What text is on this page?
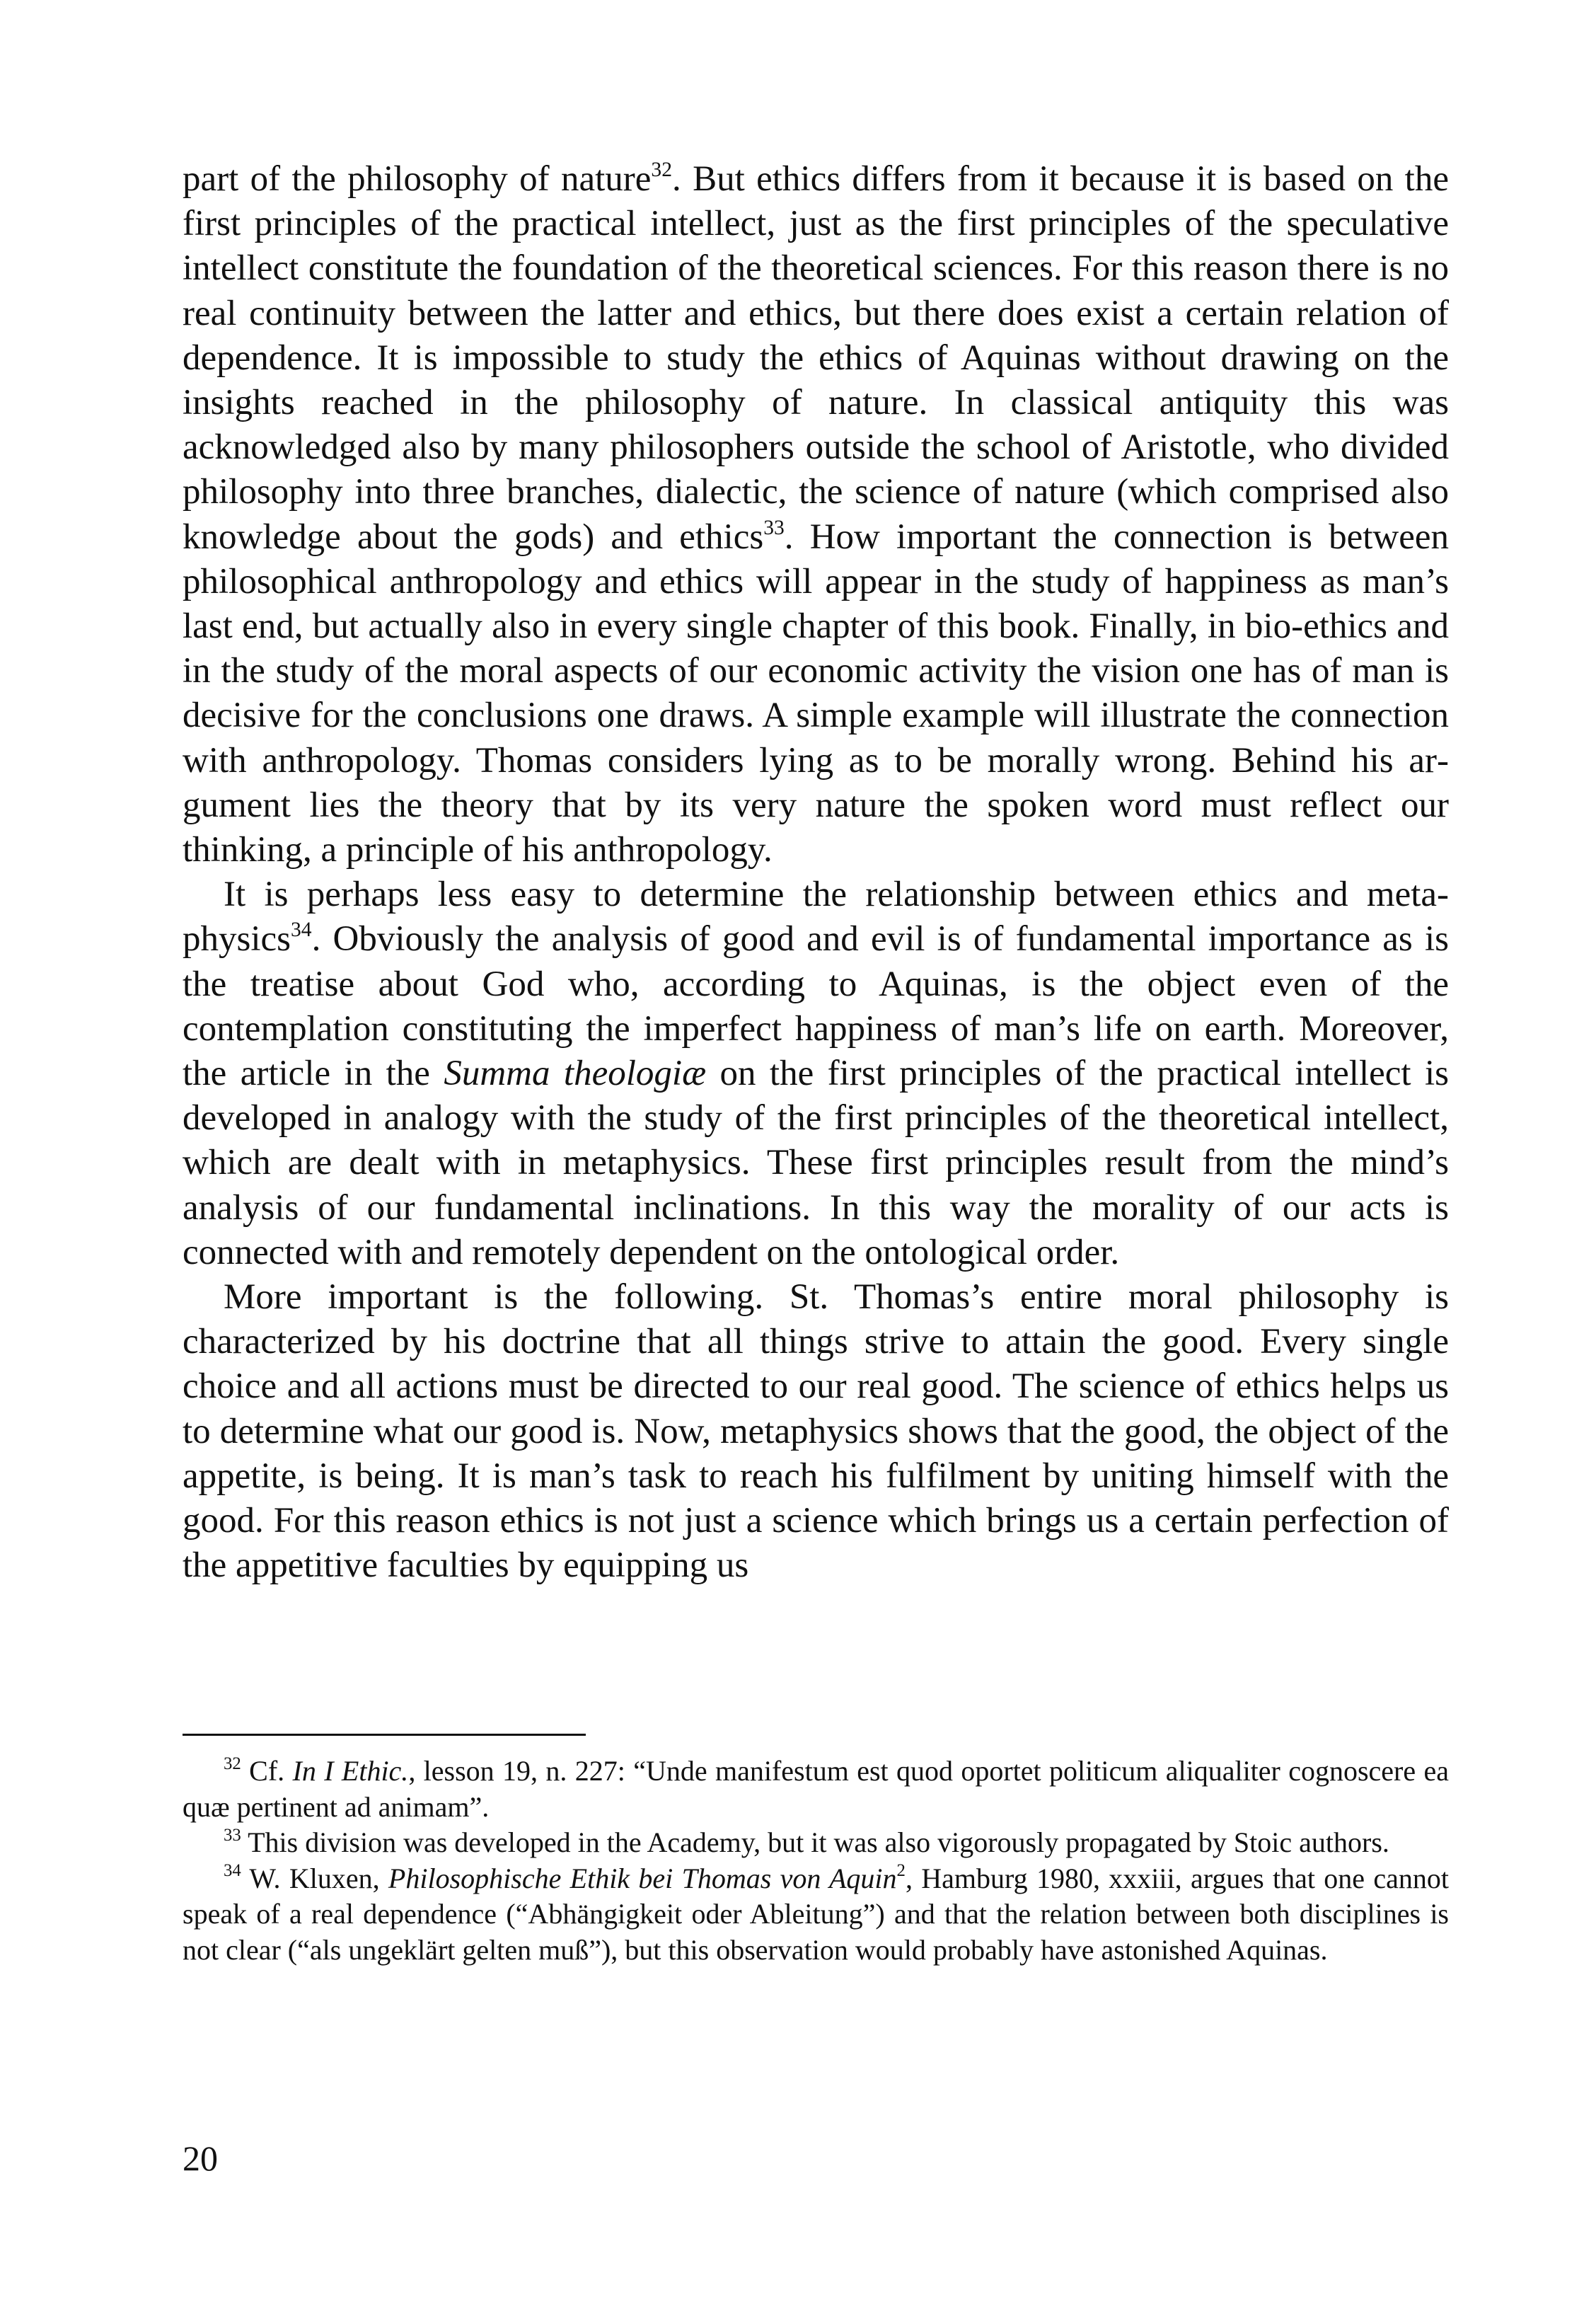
part of the philosophy of nature$^{32}$. But ethics differs from it because it is based on the first principles of the practical intellect, just as the first principles of the speculative intellect constitute the foundation of the theoretical sciences. For this reason there is no real continuity between the latter and ethics, but there does exist a certain relation of dependence. It is impossible to study the ethics of Aquinas without drawing on the insights reached in the philosophy of nature. In classical antiquity this was acknowledged also by many philosophers outside the school of Aristotle, who divided philosophy into three branches, dialectic, the science of nature (which comprised also knowledge about the gods) and ethics$^{33}$. How important the connection is between philosophical anthropology and ethics will appear in the study of happiness as man’s last end, but actually also in every single chapter of this book. Finally, in bio-ethics and in the study of the moral aspects of our economic activity the vision one has of man is decisive for the conclusions one draws. A simple example will illustrate the connection with anthropology. Thomas considers lying as to be morally wrong. Behind his argument lies the theory that by its very nature the spoken word must reflect our thinking, a principle of his anthropology.

It is perhaps less easy to determine the relationship between ethics and metaphysics$^{34}$. Obviously the analysis of good and evil is of fundamental importance as is the treatise about God who, according to Aquinas, is the object even of the contemplation constituting the imperfect happiness of man’s life on earth. Moreover, the article in the Summa theologiæ on the first principles of the practical intellect is developed in analogy with the study of the first principles of the theoretical intellect, which are dealt with in metaphysics. These first principles result from the mind’s analysis of our fundamental inclinations. In this way the morality of our acts is connected with and remotely dependent on the ontological order.

More important is the following. St. Thomas’s entire moral philosophy is characterized by his doctrine that all things strive to attain the good. Every single choice and all actions must be directed to our real good. The science of ethics helps us to determine what our good is. Now, metaphysics shows that the good, the object of the appetite, is being. It is man’s task to reach his fulfilment by uniting himself with the good. For this reason ethics is not just a science which brings us a certain perfection of the appetitive faculties by equipping us

$^{32}$ Cf. In I Ethic., lesson 19, n. 227: “Unde manifestum est quod oportet politicum aliqualiter cognoscere ea quæ pertinent ad animam”.

$^{33}$ This division was developed in the Academy, but it was also vigorously propagated by Stoic authors.

$^{34}$ W. Kluxen, Philosophische Ethik bei Thomas von Aquin$^2$, Hamburg 1980, xxxiii, argues that one cannot speak of a real dependence (“Abhängigkeit oder Ableitung”) and that the relation between both disciplines is not clear (“als ungeklärt gelten muß”), but this observation would probably have astonished Aquinas.

20
